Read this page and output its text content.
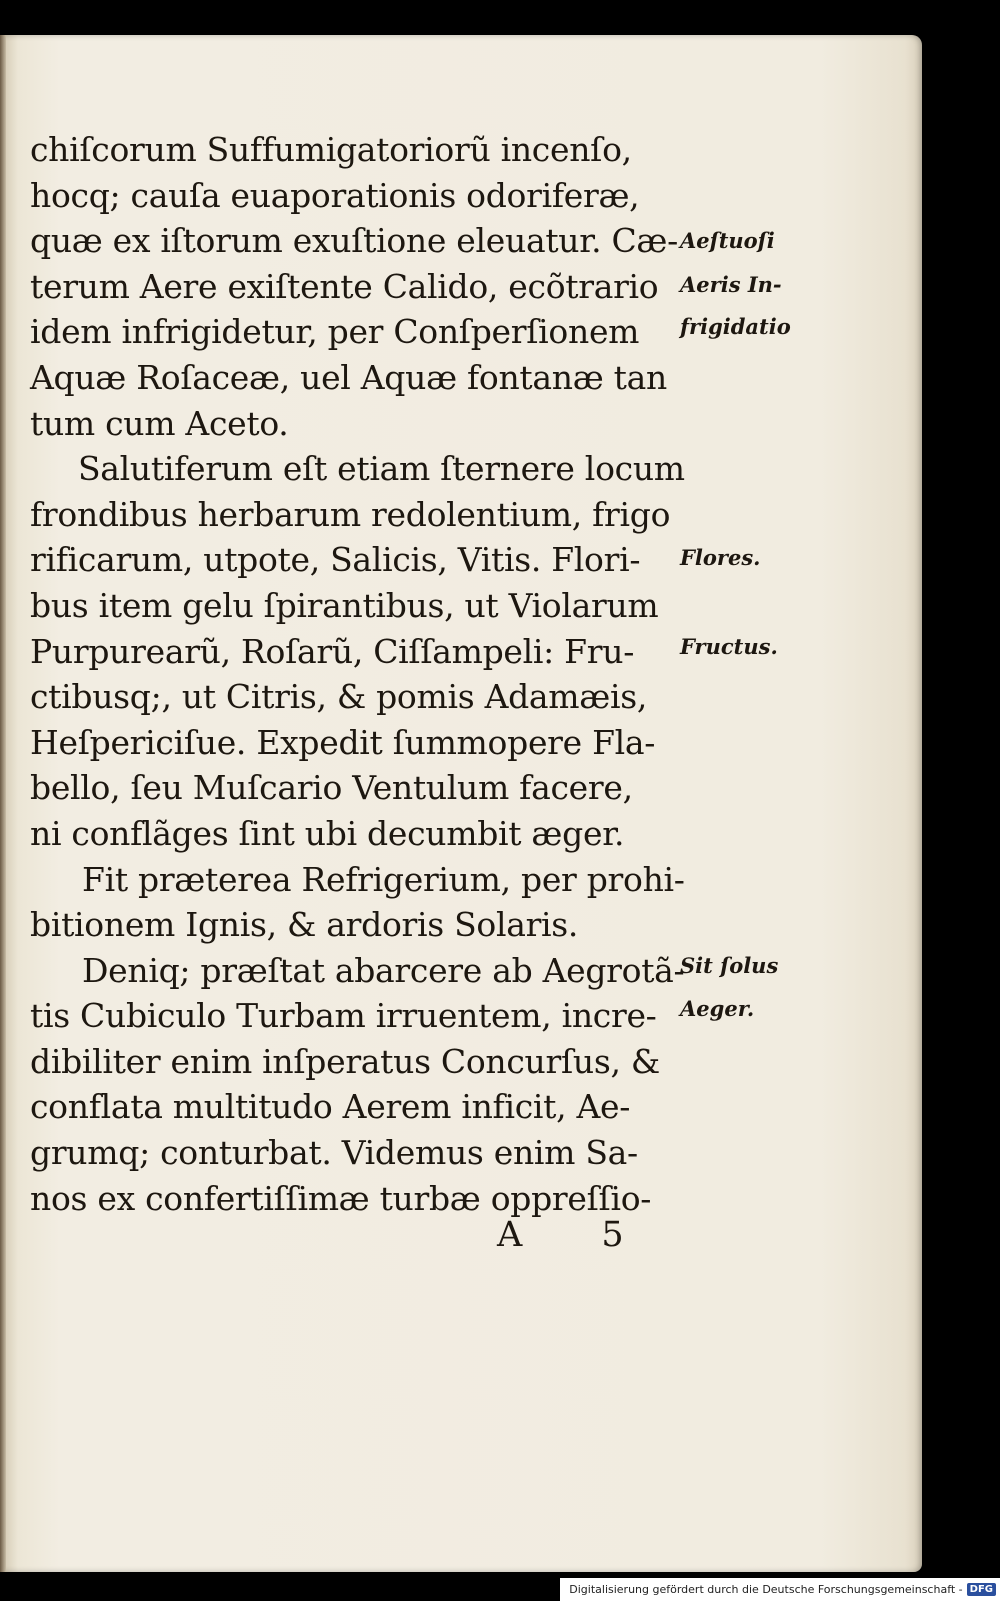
chiſcorum Suffumigatoriorũ incenſo,
hocq; cauſa euaporationis odoriferæ,
quæ ex iſtorum exuſtione eleuatur. Cæ-
terum Aere exiſtente Calido, ecõtrario
idem infrigidetur, per Conſperſionem
Aquæ Roſaceæ, uel Aquæ fontanæ tan
tum cum Aceto.
Salutiferum eſt etiam ſternere locum
frondibus herbarum redolentium, frigo
rificarum, utpote, Salicis, Vitis. Flori-
bus item gelu ſpirantibus, ut Violarum
Purpurearũ, Roſarũ, Ciſſampeli: Fru-
ctibusq;, ut Citris, & pomis Adamæis,
Heſpericiſue. Expedit ſummopere Fla-
bello, ſeu Muſcario Ventulum facere,
ni conflãges ſint ubi decumbit æger.
Fit præterea Refrigerium, per prohi-
bitionem Ignis, & ardoris Solaris.
Deniq; præſtat abarcere ab Aegrotã-
tis Cubiculo Turbam irruentem, incre-
dibiliter enim inſperatus Concurſus, &
conflata multitudo Aerem inficit, Ae-
grumq; conturbat. Videmus enim Sa-
nos ex confertiſſimæ turbæ oppreſſio-
Aeſtuoſi
Aeris In-
frigidatio
Flores.
Fructus.
Sit ſolus
Aeger.
A 5
Digitalisierung gefördert durch die Deutsche Forschungsgemeinschaft - DFG
